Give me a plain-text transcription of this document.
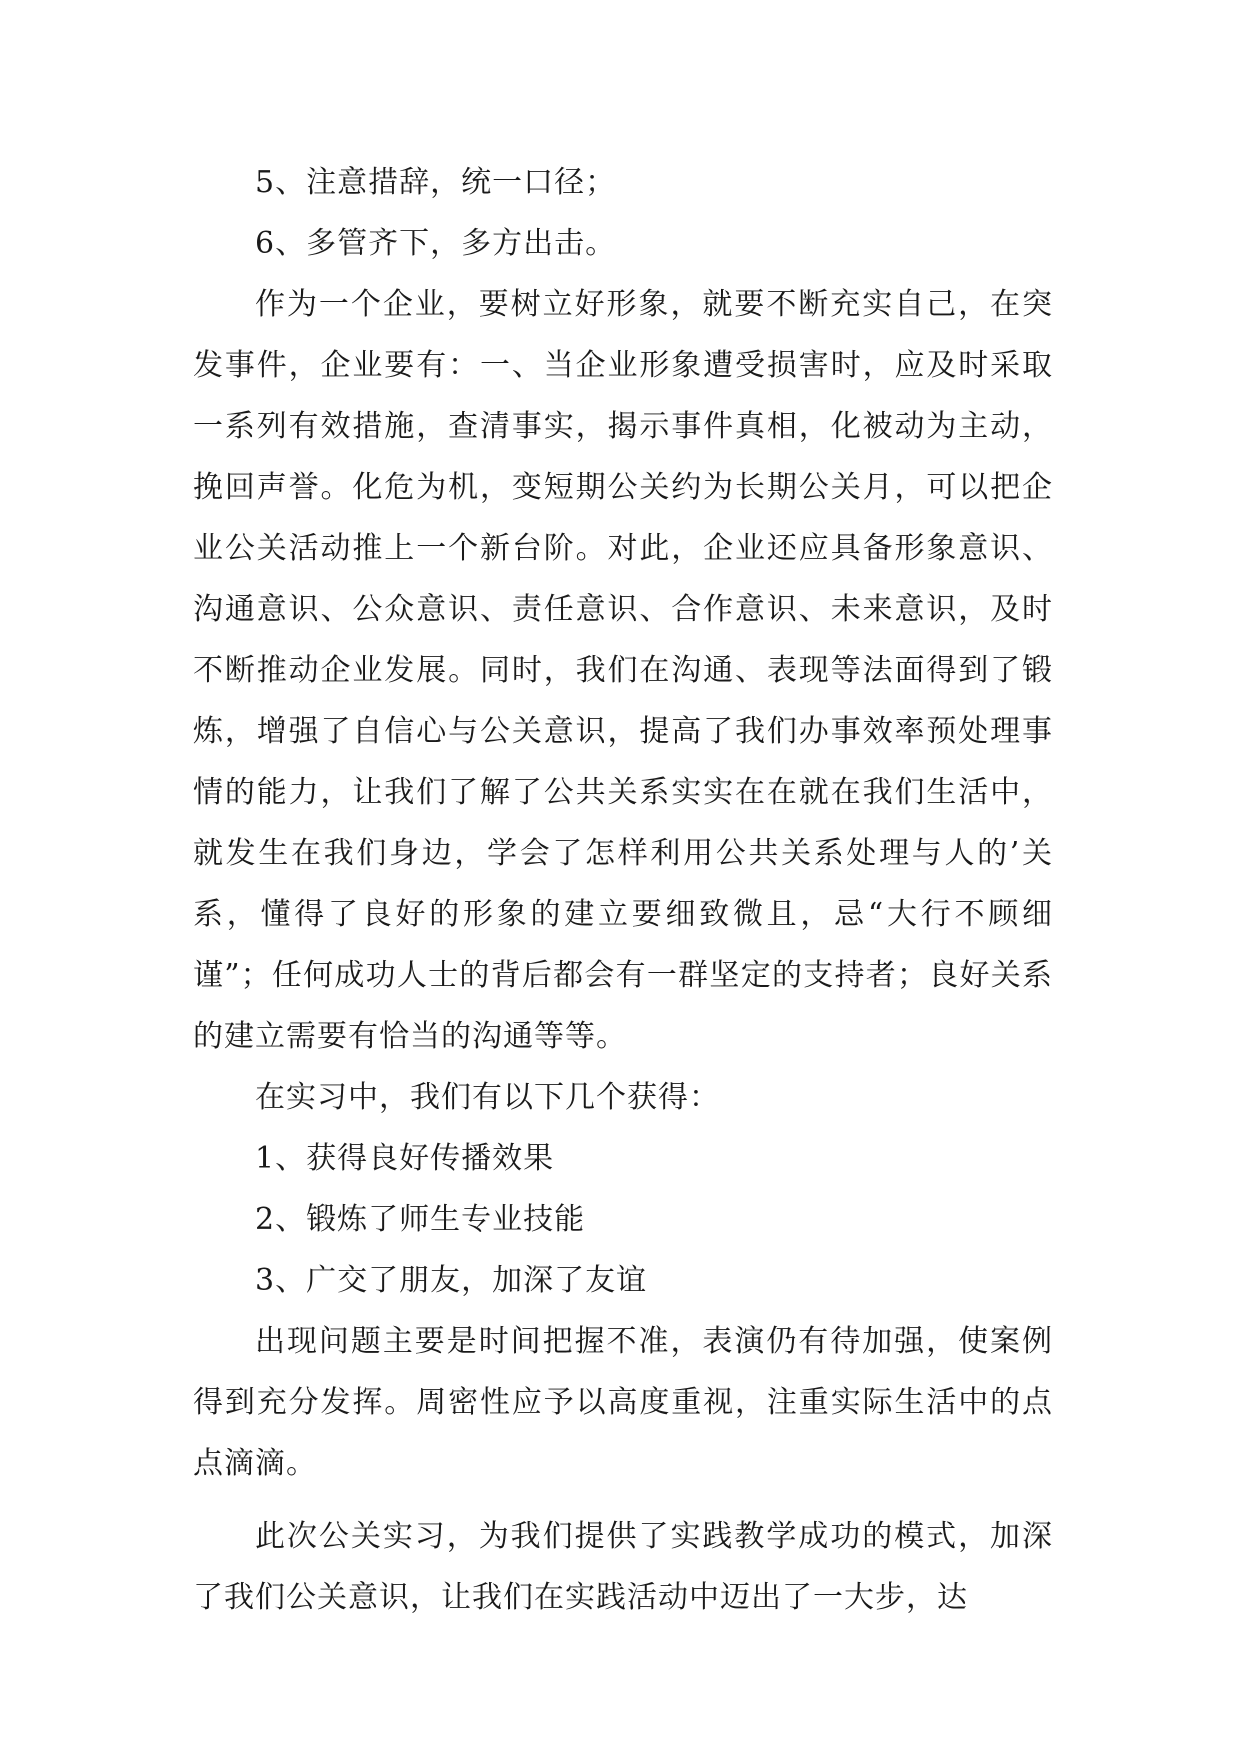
5、注意措辞，统一口径；

6、多管齐下，多方出击。

作为一个企业，要树立好形象，就要不断充实自己，在突发事件，企业要有：一、当企业形象遭受损害时，应及时采取一系列有效措施，查清事实，揭示事件真相，化被动为主动，挽回声誉。化危为机，变短期公关约为长期公关月，可以把企业公关活动推上一个新台阶。对此，企业还应具备形象意识、沟通意识、公众意识、责任意识、合作意识、未来意识，及时不断推动企业发展。同时，我们在沟通、表现等法面得到了锻炼，增强了自信心与公关意识，提高了我们办事效率预处理事情的能力，让我们了解了公共关系实实在在就在我们生活中，就发生在我们身边，学会了怎样利用公共关系处理与人的’关系，懂得了良好的形象的建立要细致微且，忌“大行不顾细谨”；任何成功人士的背后都会有一群坚定的支持者；良好关系的建立需要有恰当的沟通等等。

在实习中，我们有以下几个获得：

1、获得良好传播效果

2、锻炼了师生专业技能

3、广交了朋友，加深了友谊

出现问题主要是时间把握不准，表演仍有待加强，使案例得到充分发挥。周密性应予以高度重视，注重实际生活中的点点滴滴。

此次公关实习，为我们提供了实践教学成功的模式，加深了我们公关意识，让我们在实践活动中迈出了一大步，达
